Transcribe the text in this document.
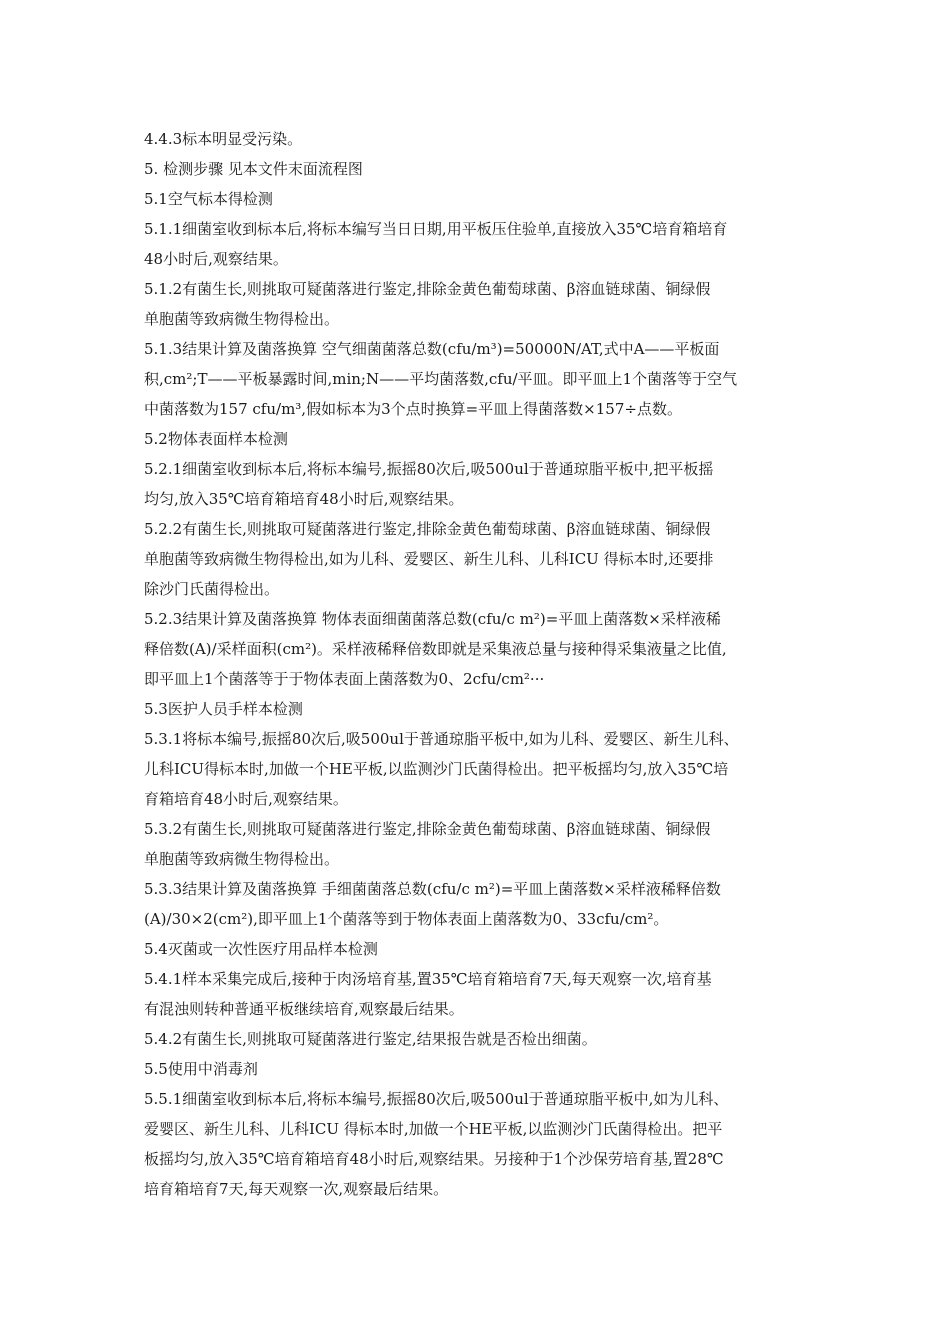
4.4.3标本明显受污染。
5. 检测步骤 见本文件末面流程图
5.1空气标本得检测
5.1.1细菌室收到标本后,将标本编写当日日期,用平板压住验单,直接放入35℃培育箱培育
48小时后,观察结果。
5.1.2有菌生长,则挑取可疑菌落进行鉴定,排除金黄色葡萄球菌、β溶血链球菌、铜绿假
单胞菌等致病微生物得检出。
5.1.3结果计算及菌落换算 空气细菌菌落总数(cfu/m³)=50000N/AT,式中A——平板面
积,cm²;T——平板暴露时间,min;N——平均菌落数,cfu/平皿。即平皿上1个菌落等于空气
中菌落数为157 cfu/m³,假如标本为3个点时换算=平皿上得菌落数×157÷点数。
5.2物体表面样本检测
5.2.1细菌室收到标本后,将标本编号,振摇80次后,吸500ul于普通琼脂平板中,把平板摇
均匀,放入35℃培育箱培育48小时后,观察结果。
5.2.2有菌生长,则挑取可疑菌落进行鉴定,排除金黄色葡萄球菌、β溶血链球菌、铜绿假
单胞菌等致病微生物得检出,如为儿科、爱婴区、新生儿科、儿科ICU 得标本时,还要排
除沙门氏菌得检出。
5.2.3结果计算及菌落换算 物体表面细菌菌落总数(cfu/c m²)=平皿上菌落数×采样液稀
释倍数(A)/采样面积(cm²)。采样液稀释倍数即就是采集液总量与接种得采集液量之比值,
即平皿上1个菌落等于于物体表面上菌落数为0、2cfu/cm²···
5.3医护人员手样本检测
5.3.1将标本编号,振摇80次后,吸500ul于普通琼脂平板中,如为儿科、爱婴区、新生儿科、
儿科ICU得标本时,加做一个HE平板,以监测沙门氏菌得检出。把平板摇均匀,放入35℃培
育箱培育48小时后,观察结果。
5.3.2有菌生长,则挑取可疑菌落进行鉴定,排除金黄色葡萄球菌、β溶血链球菌、铜绿假
单胞菌等致病微生物得检出。
5.3.3结果计算及菌落换算 手细菌菌落总数(cfu/c m²)=平皿上菌落数×采样液稀释倍数
(A)/30×2(cm²),即平皿上1个菌落等到于物体表面上菌落数为0、33cfu/cm²。
5.4灭菌或一次性医疗用品样本检测
5.4.1样本采集完成后,接种于肉汤培育基,置35℃培育箱培育7天,每天观察一次,培育基
有混浊则转种普通平板继续培育,观察最后结果。
5.4.2有菌生长,则挑取可疑菌落进行鉴定,结果报告就是否检出细菌。
5.5使用中消毒剂
5.5.1细菌室收到标本后,将标本编号,振摇80次后,吸500ul于普通琼脂平板中,如为儿科、
爱婴区、新生儿科、儿科ICU 得标本时,加做一个HE平板,以监测沙门氏菌得检出。把平
板摇均匀,放入35℃培育箱培育48小时后,观察结果。另接种于1个沙保劳培育基,置28℃
培育箱培育7天,每天观察一次,观察最后结果。
